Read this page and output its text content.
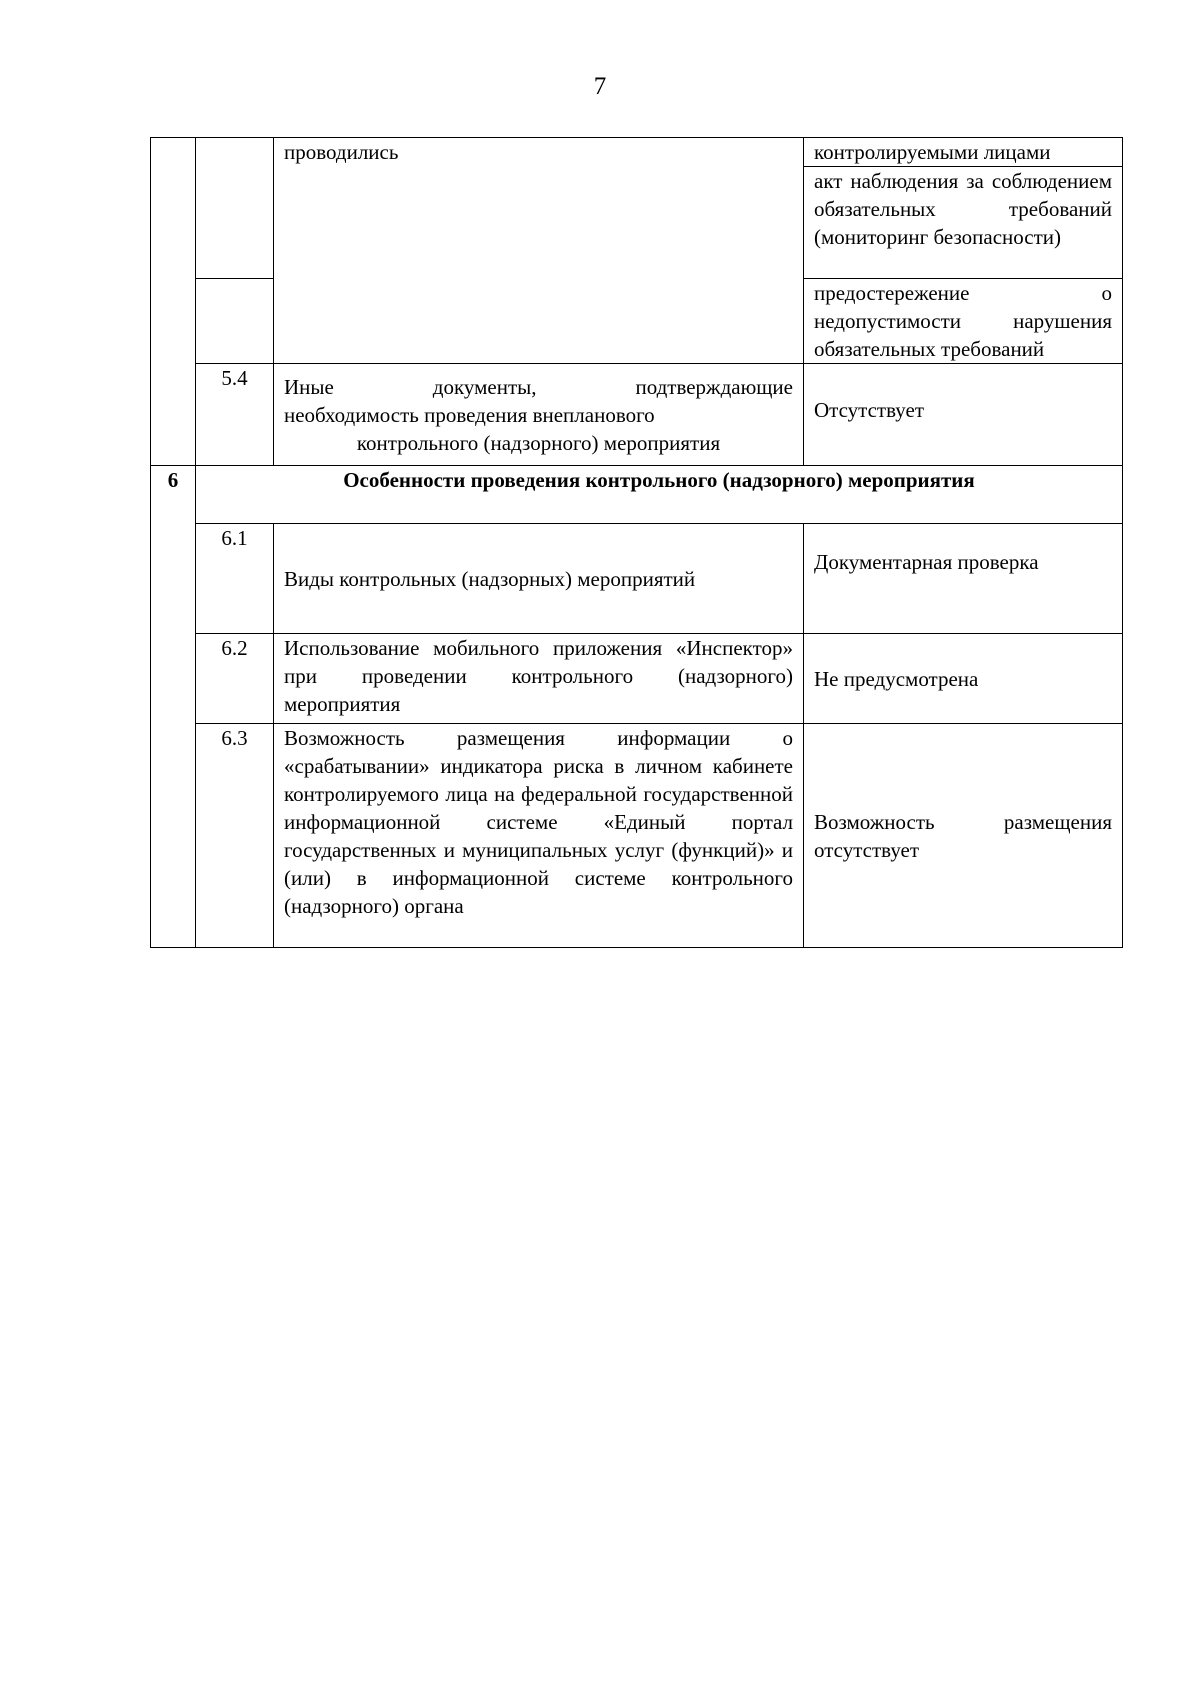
7
		проводились	контролируемыми лицами
			акт наблюдения за соблюдением обязательных требований (мониторинг безопасности)
			предостережение о недопустимости нарушения обязательных требований
	5.4	Иные документы, подтверждающие
необходимость проведения внепланового
контрольного (надзорного) мероприятия	Отсутствует
6	Особенности проведения контрольного (надзорного) мероприятия		
	6.1	Виды контрольных (надзорных) мероприятий	Документарная проверка
	6.2	Использование мобильного приложения «Инспектор» при проведении контрольного (надзорного) мероприятия	Не предусмотрена
	6.3	Возможность размещения информации о «срабатывании» индикатора риска в личном кабинете контролируемого лица на федеральной государственной информационной системе «Единый портал государственных и муниципальных услуг (функций)» и (или) в информационной системе контрольного (надзорного) органа	Возможность размещения отсутствует
